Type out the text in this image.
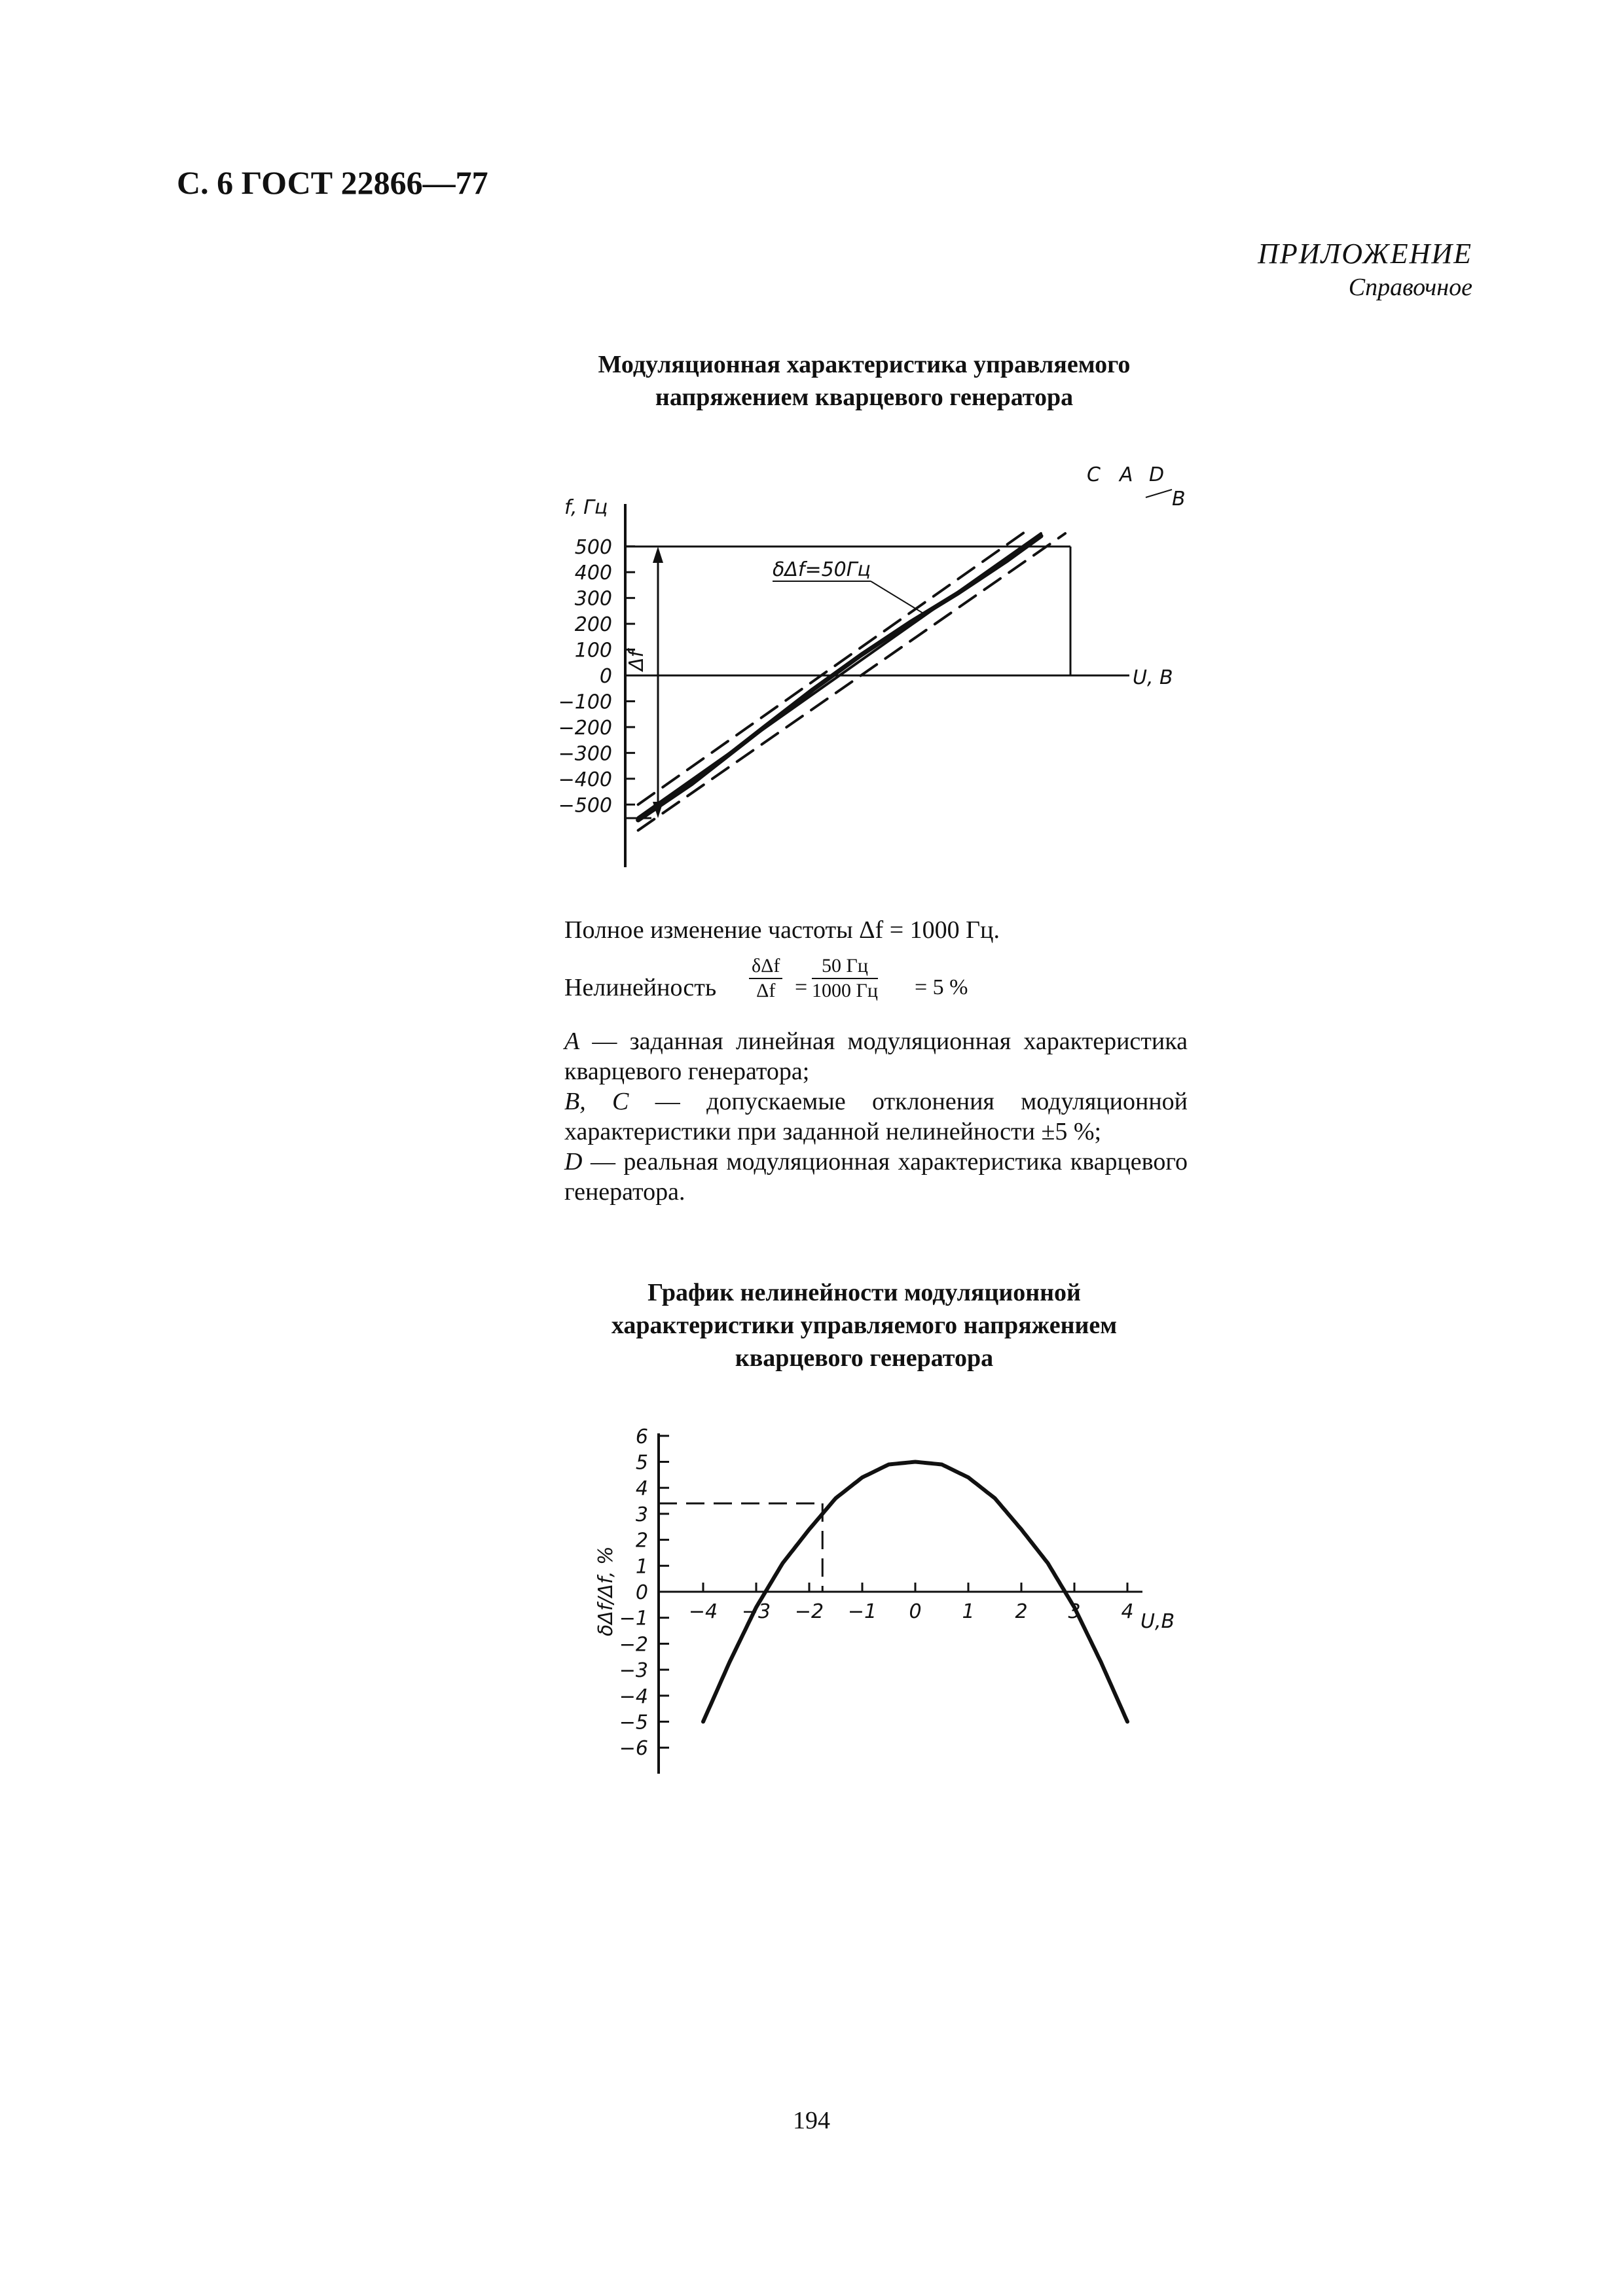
С. 6 ГОСТ 22866—77
ПРИЛОЖЕНИЕ
Справочное
Модуляционная характеристика управляемого
напряжением кварцевого генератора
Δf
f, Гц
U, В
δΔf=50Гц
C A D
B
500
400
300
200
100
0
−100
−200
−300
−400
−500
Полное изменение частоты Δf = 1000 Гц.
Нелинейность
δΔf
Δf =
50 Гц
1000 Гц = 5 %

A — заданная линейная модуляционная характеристика кварцевого генератора;

B, C — допускаемые отклонения модуляционной характеристики при заданной нелинейности ±5 %;

D — реальная модуляционная характеристика кварцевого генератора.

График нелинейности модуляционной
характеристики управляемого напряжением
кварцевого генератора
δΔf/Δf, %	U,В
6
5
4
3
2
1
0
−1
−2
−3
−4
−5
−6
−4 −3 −2 −1 0 1 2 3 4
194
